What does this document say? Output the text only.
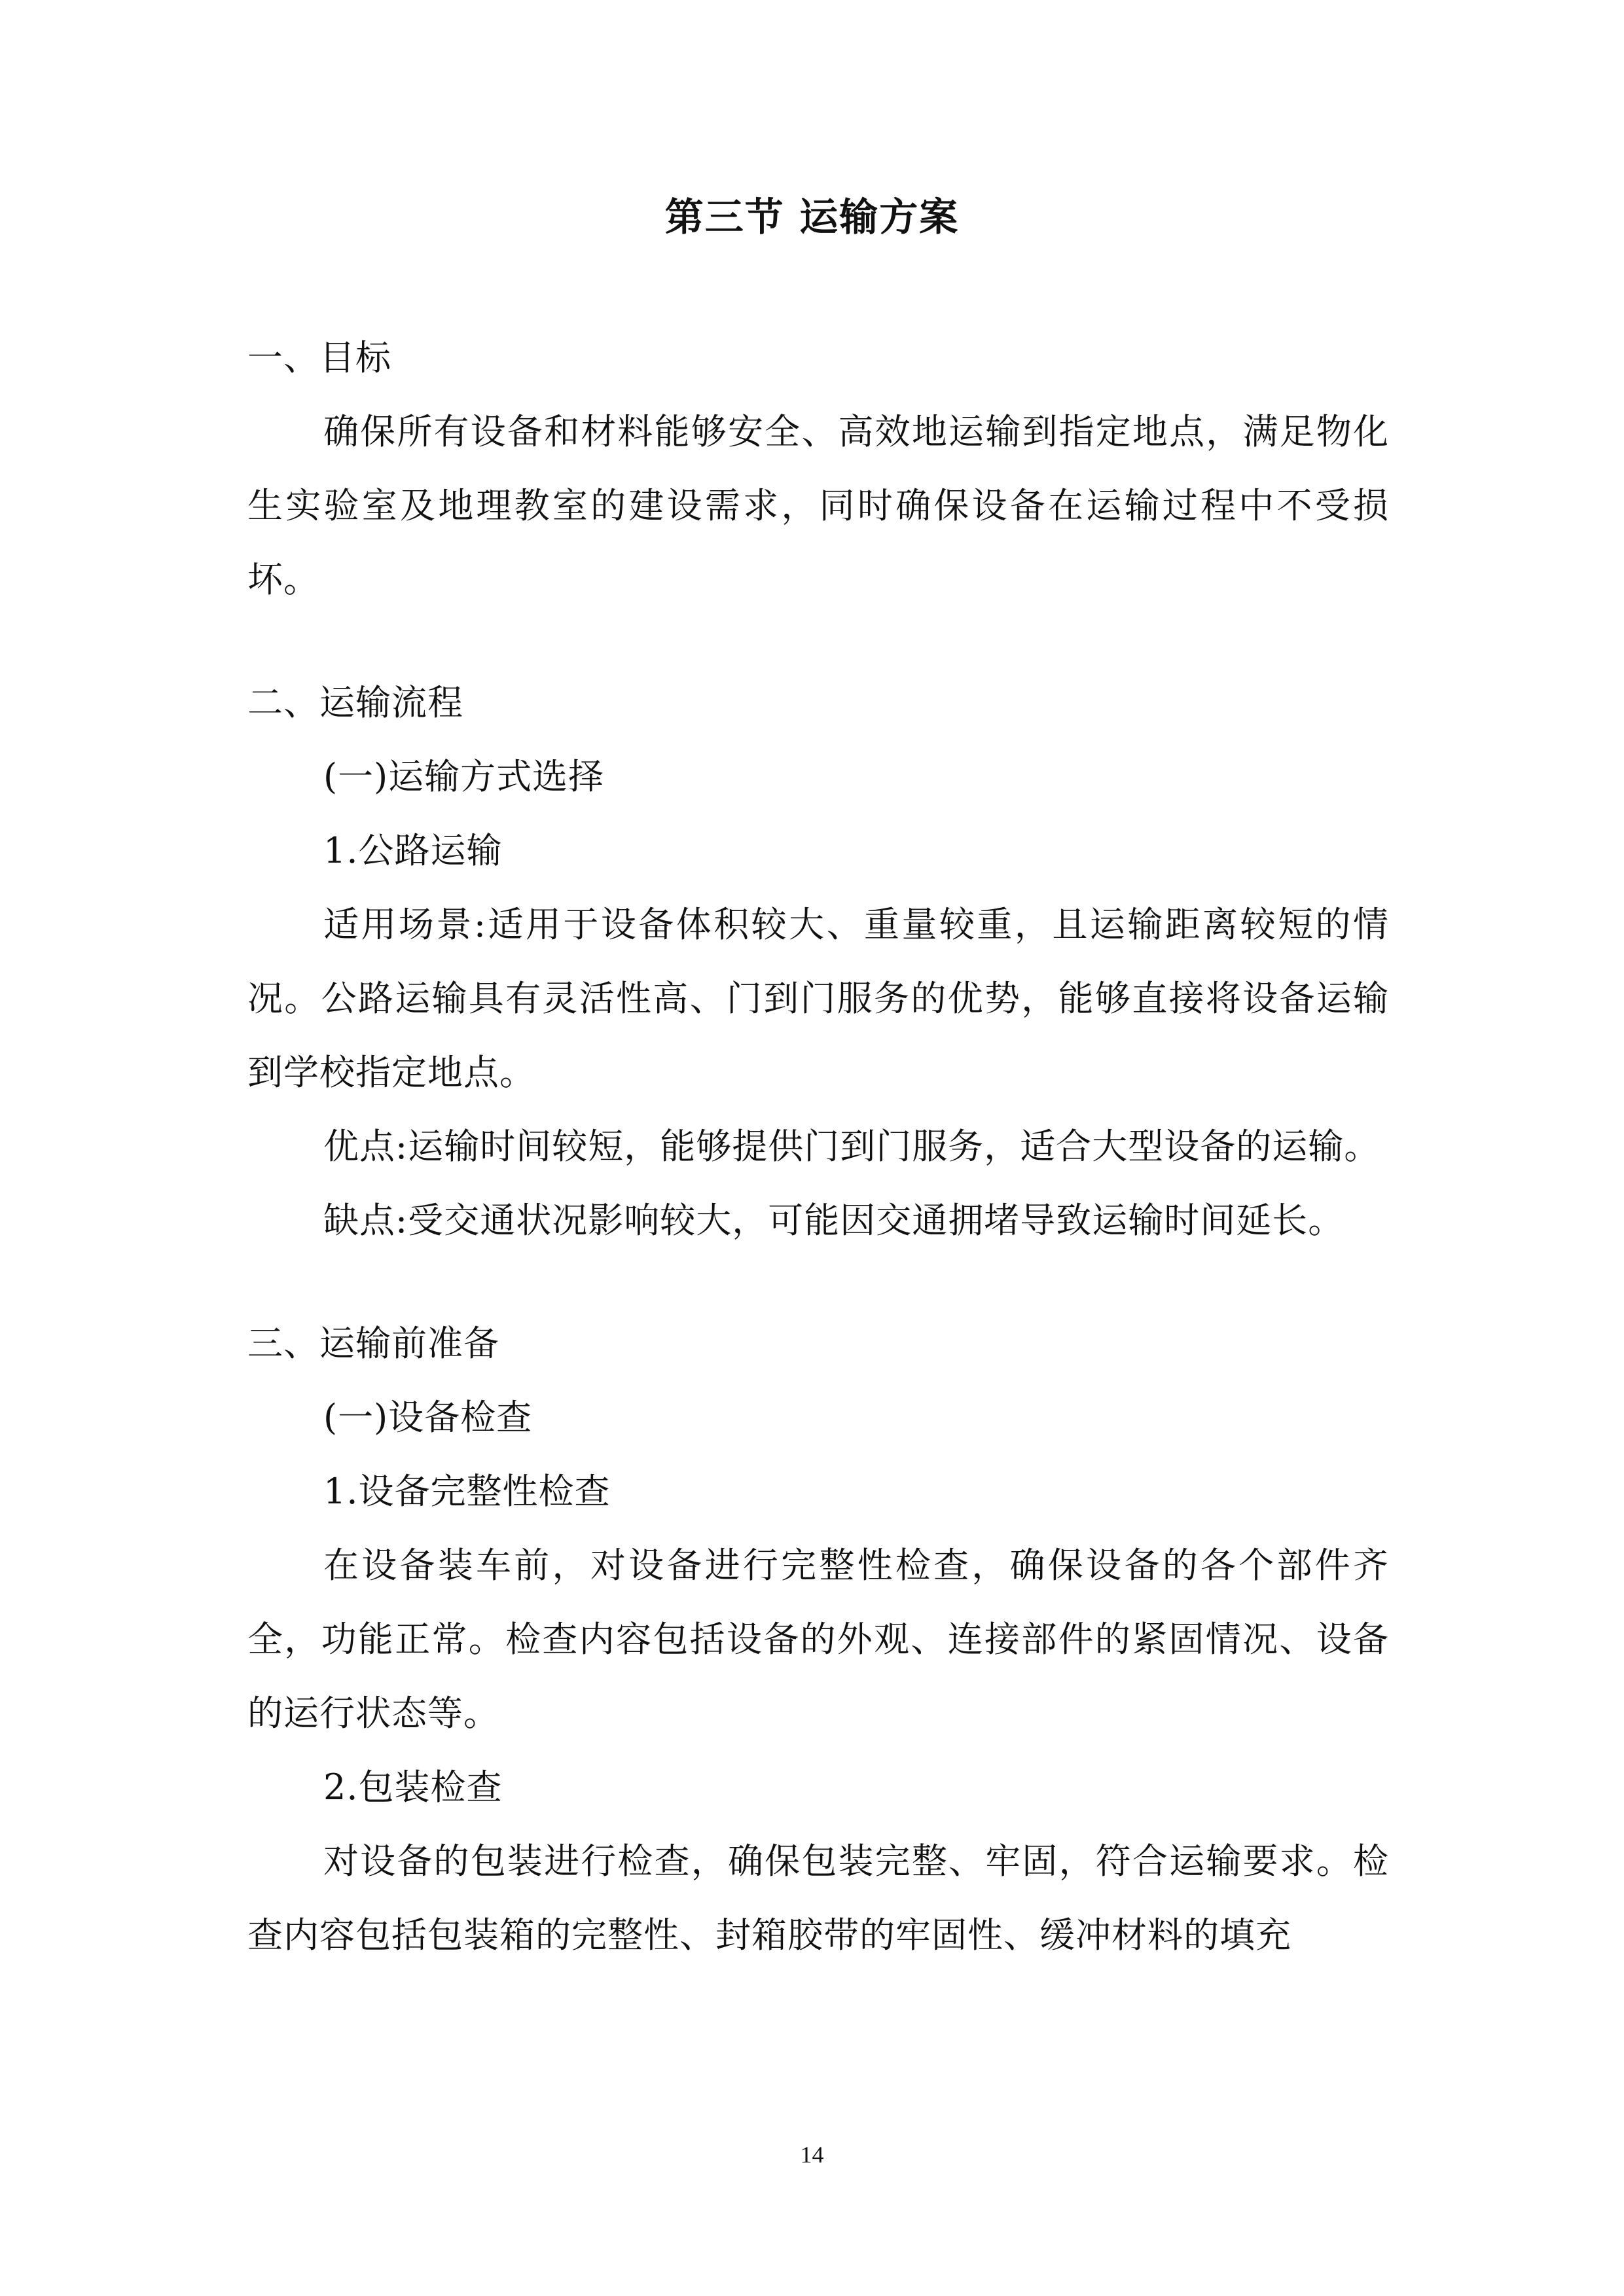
第三节 运输方案

一、目标

确保所有设备和材料能够安全、高效地运输到指定地点，满足物化生实验室及地理教室的建设需求，同时确保设备在运输过程中不受损坏。

二、运输流程

(一)运输方式选择

1.公路运输

适用场景:适用于设备体积较大、重量较重，且运输距离较短的情况。公路运输具有灵活性高、门到门服务的优势，能够直接将设备运输到学校指定地点。

优点:运输时间较短，能够提供门到门服务，适合大型设备的运输。

缺点:受交通状况影响较大，可能因交通拥堵导致运输时间延长。

三、运输前准备

(一)设备检查

1.设备完整性检查

在设备装车前，对设备进行完整性检查，确保设备的各个部件齐全，功能正常。检查内容包括设备的外观、连接部件的紧固情况、设备的运行状态等。

2.包装检查

对设备的包装进行检查，确保包装完整、牢固，符合运输要求。检查内容包括包装箱的完整性、封箱胶带的牢固性、缓冲材料的填充

14
